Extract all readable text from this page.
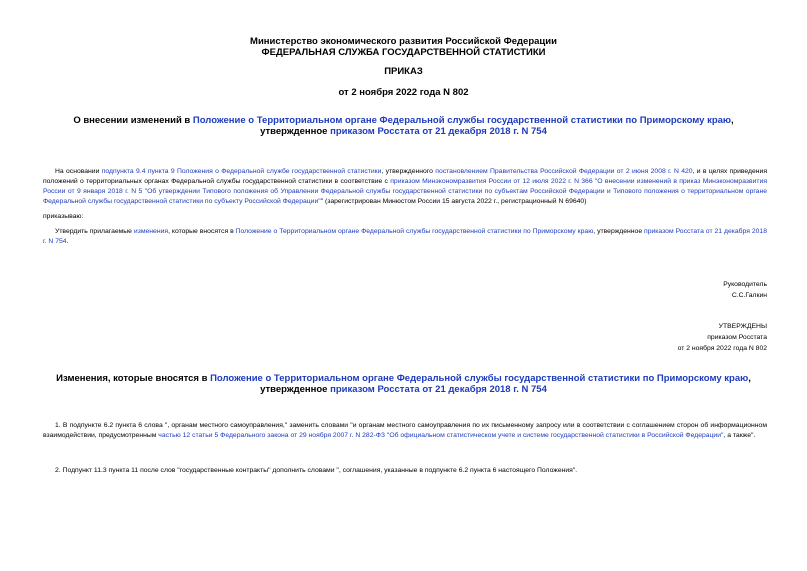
Министерство экономического развития Российской Федерации
ФЕДЕРАЛЬНАЯ СЛУЖБА ГОСУДАРСТВЕННОЙ СТАТИСТИКИ
ПРИКАЗ
от 2 ноября 2022 года N 802
О внесении изменений в Положение о Территориальном органе Федеральной службы государственной статистики по Приморскому краю, утвержденное приказом Росстата от 21 декабря 2018 г. N 754
На основании подпункта 9.4 пункта 9 Положения о Федеральной службе государственной статистики, утвержденного постановлением Правительства Российской Федерации от 2 июня 2008 г. N 420, и в целях приведения положений о территориальных органах Федеральной службы государственной статистики в соответствие с приказом Минэкономразвития России от 12 июля 2022 г. N 366 "О внесении изменений в приказ Минэкономразвития России от 9 января 2018 г. N 5 "Об утверждении Типового положения об Управлении Федеральной службы государственной статистики по субъектам Российской Федерации и Типового положения о территориальном органе Федеральной службы государственной статистики по субъекту Российской Федерации"" (зарегистрирован Минюстом России 15 августа 2022 г., регистрационный N 69640)
приказываю:
Утвердить прилагаемые изменения, которые вносятся в Положение о Территориальном органе Федеральной службы государственной статистики по Приморскому краю, утвержденное приказом Росстата от 21 декабря 2018 г. N 754.
Руководитель
С.С.Галкин
УТВЕРЖДЕНЫ
приказом Росстата
от 2 ноября 2022 года N 802
Изменения, которые вносятся в Положение о Территориальном органе Федеральной службы государственной статистики по Приморскому краю, утвержденное приказом Росстата от 21 декабря 2018 г. N 754
1. В подпункте 6.2 пункта 6 слова ", органам местного самоуправления," заменить словами "и органам местного самоуправления по их письменному запросу или в соответствии с соглашением сторон об информационном взаимодействии, предусмотренным частью 12 статьи 5 Федерального закона от 29 ноября 2007 г. N 282-ФЗ "Об официальном статистическом учете и системе государственной статистики в Российской Федерации", а также".
2. Подпункт 11.3 пункта 11 после слов "государственные контракты" дополнить словами ", соглашения, указанные в подпункте 6.2 пункта 6 настоящего Положения".
